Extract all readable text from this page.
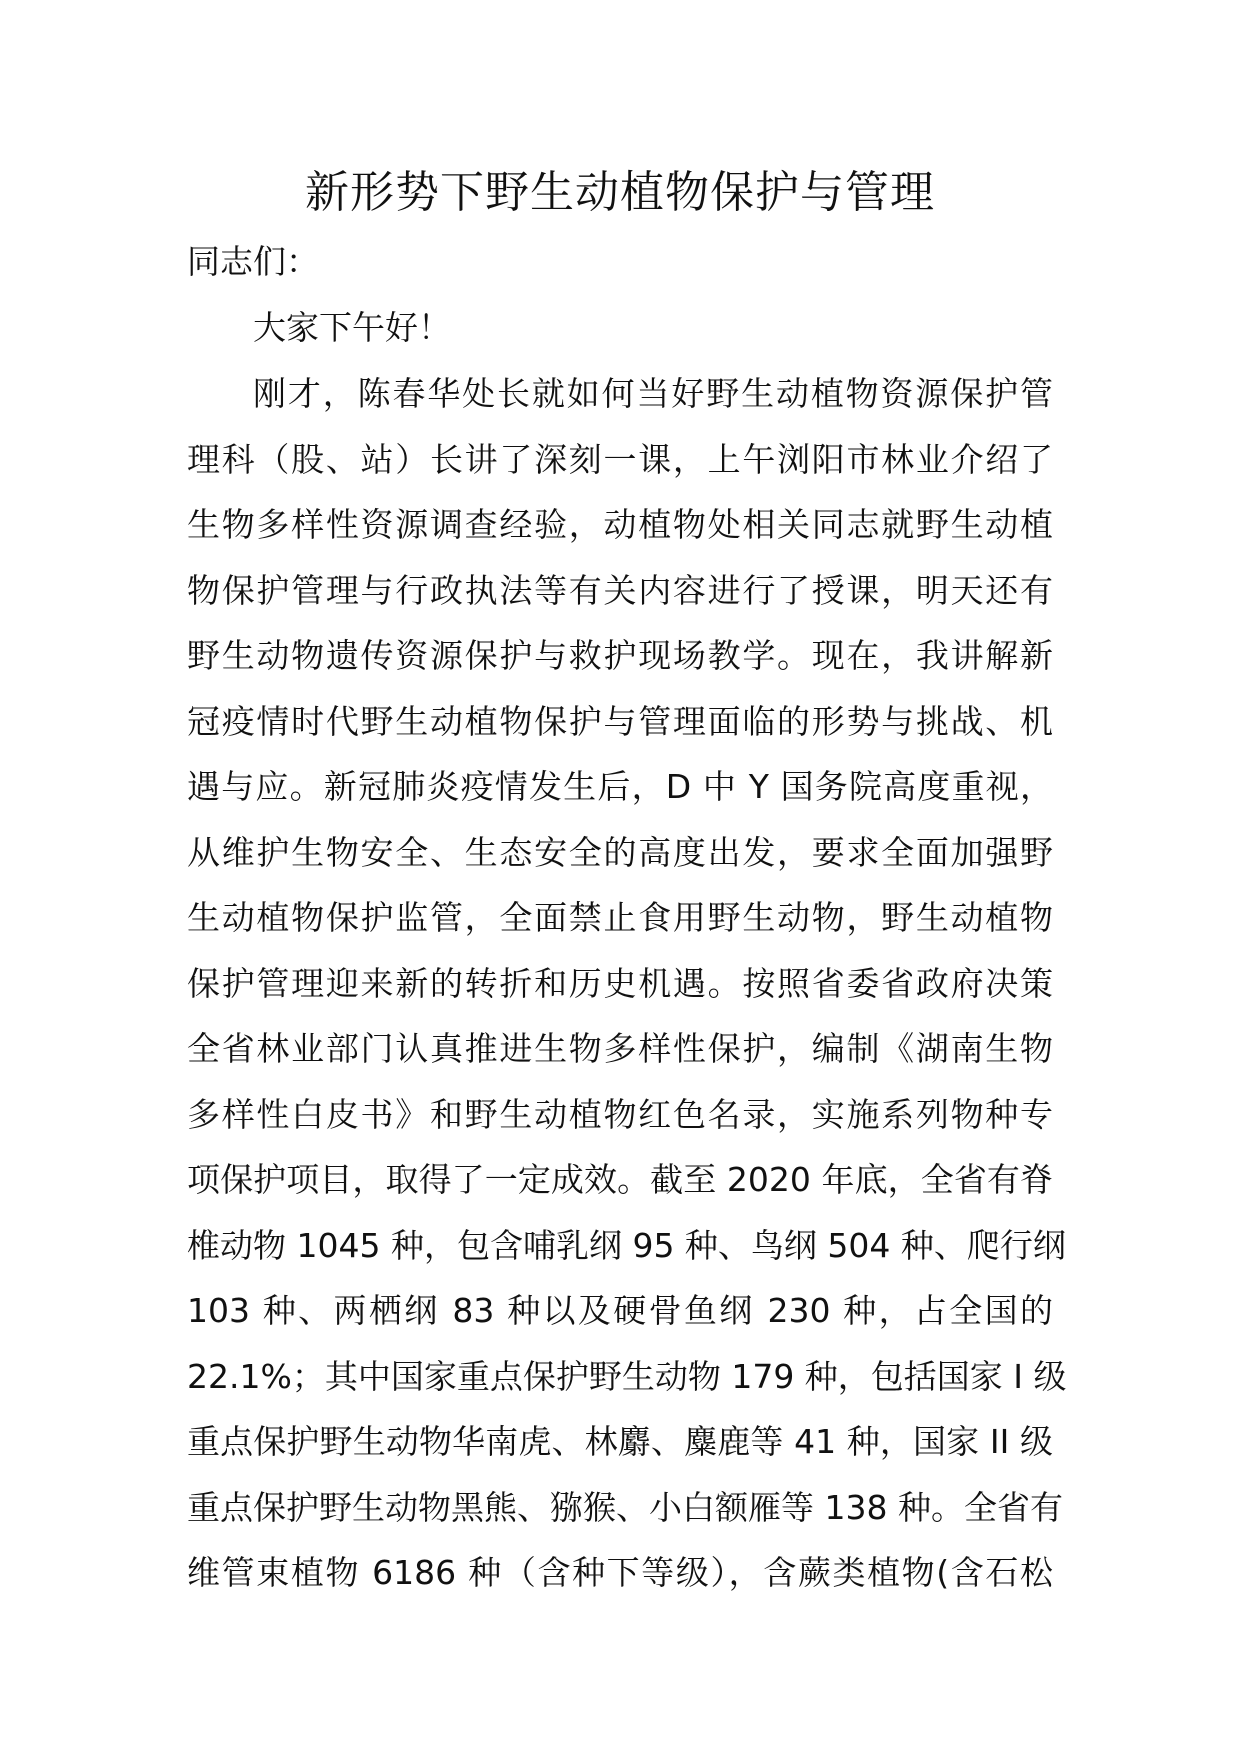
新形势下野生动植物保护与管理

同志们：

大家下午好！

刚才，陈春华处长就如何当好野生动植物资源保护管
理科（股、站）长讲了深刻一课，上午浏阳市林业介绍了
生物多样性资源调查经验，动植物处相关同志就野生动植
物保护管理与行政执法等有关内容进行了授课，明天还有
野生动物遗传资源保护与救护现场教学。现在，我讲解新
冠疫情时代野生动植物保护与管理面临的形势与挑战、机
遇与应。新冠肺炎疫情发生后，D 中 Y 国务院高度重视，
从维护生物安全、生态安全的高度出发，要求全面加强野
生动植物保护监管，全面禁止食用野生动物，野生动植物
保护管理迎来新的转折和历史机遇。按照省委省政府决策
全省林业部门认真推进生物多样性保护，编制《湖南生物
多样性白皮书》和野生动植物红色名录，实施系列物种专
项保护项目，取得了一定成效。截至 2020 年底，全省有脊
椎动物 1045 种，包含哺乳纲 95 种、鸟纲 504 种、爬行纲
103 种、两栖纲 83 种以及硬骨鱼纲 230 种，占全国的
22.1%；其中国家重点保护野生动物 179 种，包括国家 I 级
重点保护野生动物华南虎、林麝、麋鹿等 41 种，国家 II 级
重点保护野生动物黑熊、猕猴、小白额雁等 138 种。全省有
维管束植物 6186 种（含种下等级），含蕨类植物(含石松
